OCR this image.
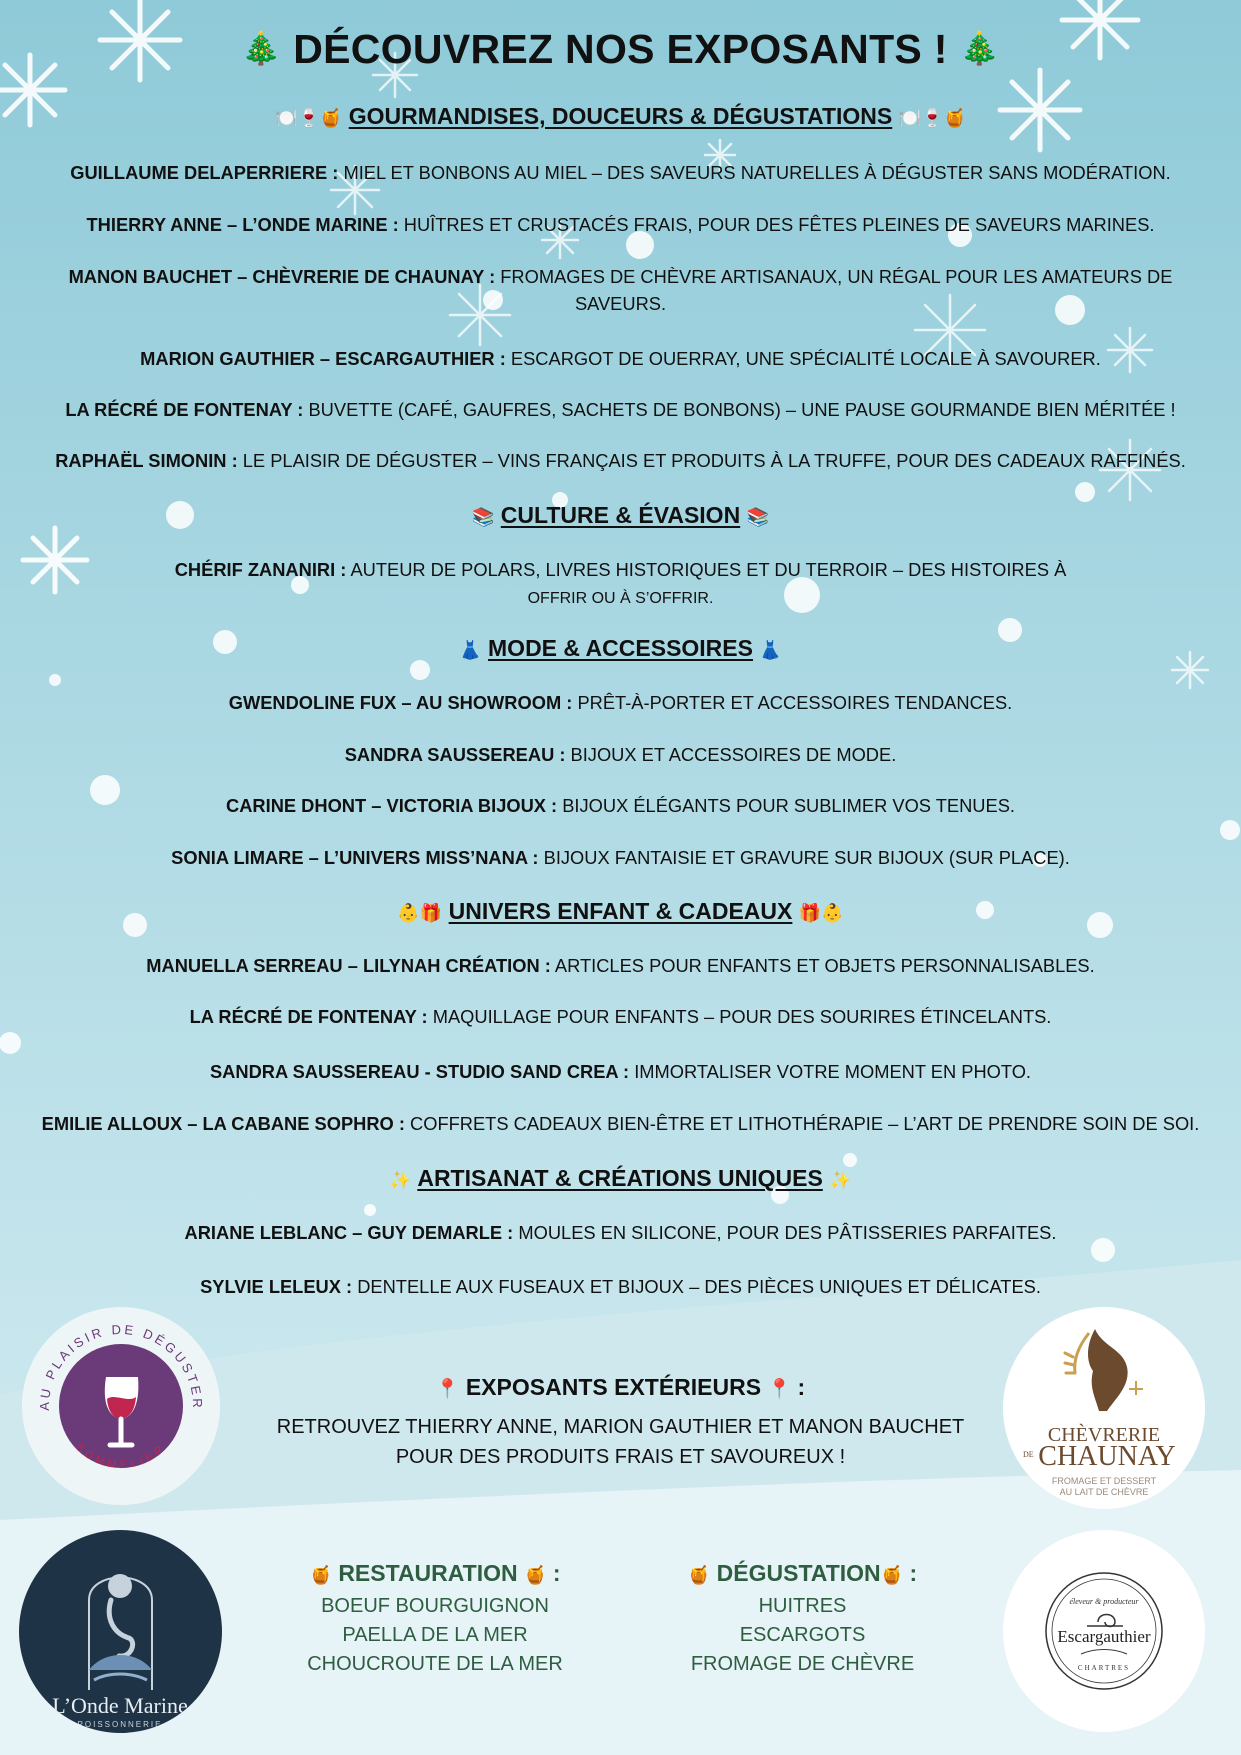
🎄 DÉCOUVREZ NOS EXPOSANTS ! 🎄
🍽️🍷🍯 GOURMANDISES, DOUCEURS & DÉGUSTATIONS 🍽️🍷🍯
GUILLAUME DELAPERRIERE : MIEL ET BONBONS AU MIEL – DES SAVEURS NATURELLES À DÉGUSTER SANS MODÉRATION.
THIERRY ANNE – L’ONDE MARINE : HUÎTRES ET CRUSTACÉS FRAIS, POUR DES FÊTES PLEINES DE SAVEURS MARINES.
MANON BAUCHET – CHÈVRERIE DE CHAUNAY : FROMAGES DE CHÈVRE ARTISANAUX, UN RÉGAL POUR LES AMATEURS DE SAVEURS.
MARION GAUTHIER – ESCARGAUTHIER : ESCARGOT DE OUERRAY, UNE SPÉCIALITÉ LOCALE À SAVOURER.
LA RÉCRÉ DE FONTENAY : BUVETTE (CAFÉ, GAUFRES, SACHETS DE BONBONS) – UNE PAUSE GOURMANDE BIEN MÉRITÉE !
RAPHAËL SIMONIN : LE PLAISIR DE DÉGUSTER – VINS FRANÇAIS ET PRODUITS À LA TRUFFE, POUR DES CADEAUX RAFFINÉS.
📚 CULTURE & ÉVASION 📚
CHÉRIF ZANANIRI : AUTEUR DE POLARS, LIVRES HISTORIQUES ET DU TERROIR – DES HISTOIRES À
OFFRIR OU À S’OFFRIR.
👗 MODE & ACCESSOIRES 👗
GWENDOLINE FUX – AU SHOWROOM : PRÊT-À-PORTER ET ACCESSOIRES TENDANCES.
SANDRA SAUSSEREAU : BIJOUX ET ACCESSOIRES DE MODE.
CARINE DHONT – VICTORIA BIJOUX : BIJOUX ÉLÉGANTS POUR SUBLIMER VOS TENUES.
SONIA LIMARE – L’UNIVERS MISS’NANA : BIJOUX FANTAISIE ET GRAVURE SUR BIJOUX (SUR PLACE).
👶🎁 UNIVERS ENFANT & CADEAUX 🎁👶
MANUELLA SERREAU – LILYNAH CRÉATION : ARTICLES POUR ENFANTS ET OBJETS PERSONNALISABLES.
LA RÉCRÉ DE FONTENAY : MAQUILLAGE POUR ENFANTS – POUR DES SOURIRES ÉTINCELANTS.
SANDRA SAUSSEREAU - STUDIO SAND CREA : IMMORTALISER VOTRE MOMENT EN PHOTO.
EMILIE ALLOUX – LA CABANE SOPHRO : COFFRETS CADEAUX BIEN-ÊTRE ET LITHOTHÉRAPIE – L’ART DE PRENDRE SOIN DE SOI.
✨ ARTISANAT & CRÉATIONS UNIQUES ✨
ARIANE LEBLANC – GUY DEMARLE : MOULES EN SILICONE, POUR DES PÂTISSERIES PARFAITES.
SYLVIE LELEUX : DENTELLE AUX FUSEAUX ET BIJOUX – DES PIÈCES UNIQUES ET DÉLICATES.
📍 EXPOSANTS EXTÉRIEURS 📍 :
RETROUVEZ THIERRY ANNE, MARION GAUTHIER ET MANON BAUCHET
POUR DES PRODUITS FRAIS ET SAVOUREUX !
🍯 RESTAURATION 🍯 :
BOEUF BOURGUIGNON
PAELLA DE LA MER
CHOUCROUTE DE LA MER
🍯 DÉGUSTATION🍯 :
HUITRES
ESCARGOTS
FROMAGE DE CHÈVRE
AU PLAISIR DE DÉGUSTER
SOMMELIER
CHÈVRERIE
DE CHAUNAY
FROMAGE ET DESSERT
AU LAIT DE CHÈVRE
L’Onde Marine
· POISSONNERIE ·
éleveur & producteur
Escargauthier
CHARTRES
